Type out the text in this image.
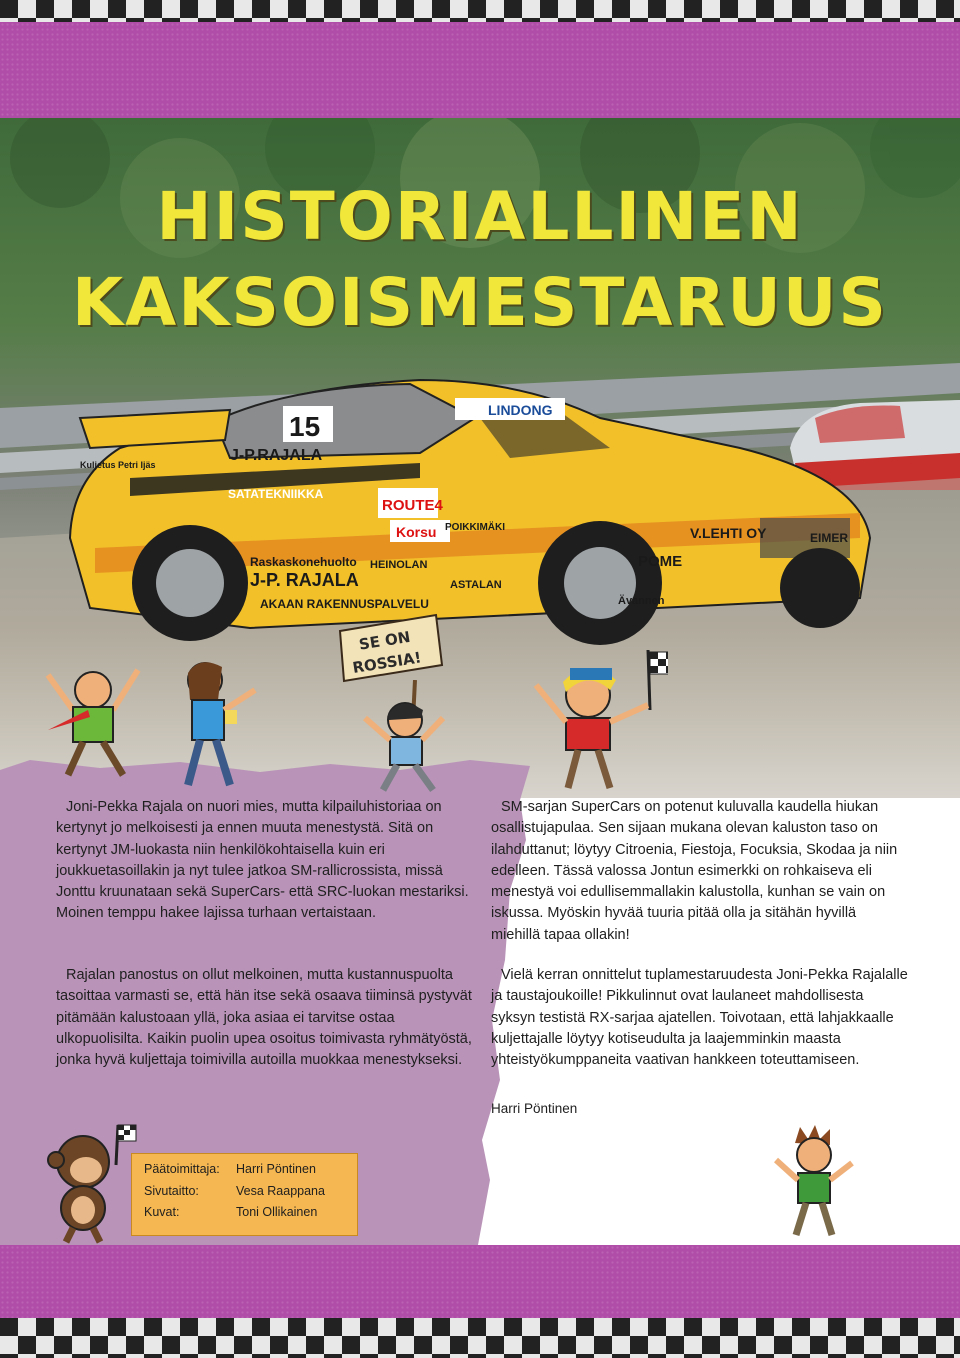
15
J-P.RAJALA
SATATEKNIIKKA
Raskaskonehuolto
J-P. RAJALA
AKAAN RAKENNUSPALVELU
ROUTE4
Korsu
HEINOLAN
ASTALAN
POIKKIMÄKI
LINDONG
V.LEHTI OY
POME
EIMER
Kuljetus Petri Ijäs
Ävannen
HISTORIALLINEN
KAKSOISMESTARUUS
SE ON
ROSSIA!

Joni-Pekka Rajala on nuori mies, mutta kilpailuhistoriaa on kertynyt jo melkoisesti ja ennen muuta menestystä. Sitä on kertynyt JM-luokasta niin henkilökohtaisella kuin eri joukkuetasoillakin ja nyt tulee jatkoa SM-rallicrossista, missä Jonttu kruunataan sekä SuperCars- että SRC-luokan mestariksi. Moinen temppu hakee lajissa turhaan vertaistaan.

Rajalan panostus on ollut melkoinen, mutta kustannuspuolta tasoittaa varmasti se, että hän itse sekä osaava tiiminsä pystyvät pitämään kalustoaan yllä, joka asiaa ei tarvitse ostaa ulkopuolisilta. Kaikin puolin upea osoitus toimivasta ryhmätyöstä, jonka hyvä kuljettaja toimivilla autoilla muokkaa menestykseksi.

SM-sarjan SuperCars on potenut kuluvalla kaudella hiukan osallistujapulaa. Sen sijaan mukana olevan kaluston taso on ilahduttanut; löytyy Citroenia, Fiestoja, Focuksia, Skodaa ja niin edelleen. Tässä valossa Jontun esimerkki on rohkaiseva eli menestyä voi edullisemmallakin kalustolla, kunhan se vain on iskussa. Myöskin hyvää tuuria pitää olla ja sitähän hyvillä miehillä tapaa ollakin!

Vielä kerran onnittelut tuplamestaruudesta Joni-Pekka Rajalalle ja taustajoukoille! Pikkulinnut ovat laulaneet mahdollisesta syksyn testistä RX-sarjaa ajatellen. Toivotaan, että lahjakkaalle kuljettajalle löytyy kotiseudulta ja laajemminkin maasta yhteistyökumppaneita vaativan hankkeen toteuttamiseen.

Harri Pöntinen
Päätoimittaja: Harri Pöntinen
Sivutaitto:	Vesa Raappana
Kuvat:	Toni Ollikainen
